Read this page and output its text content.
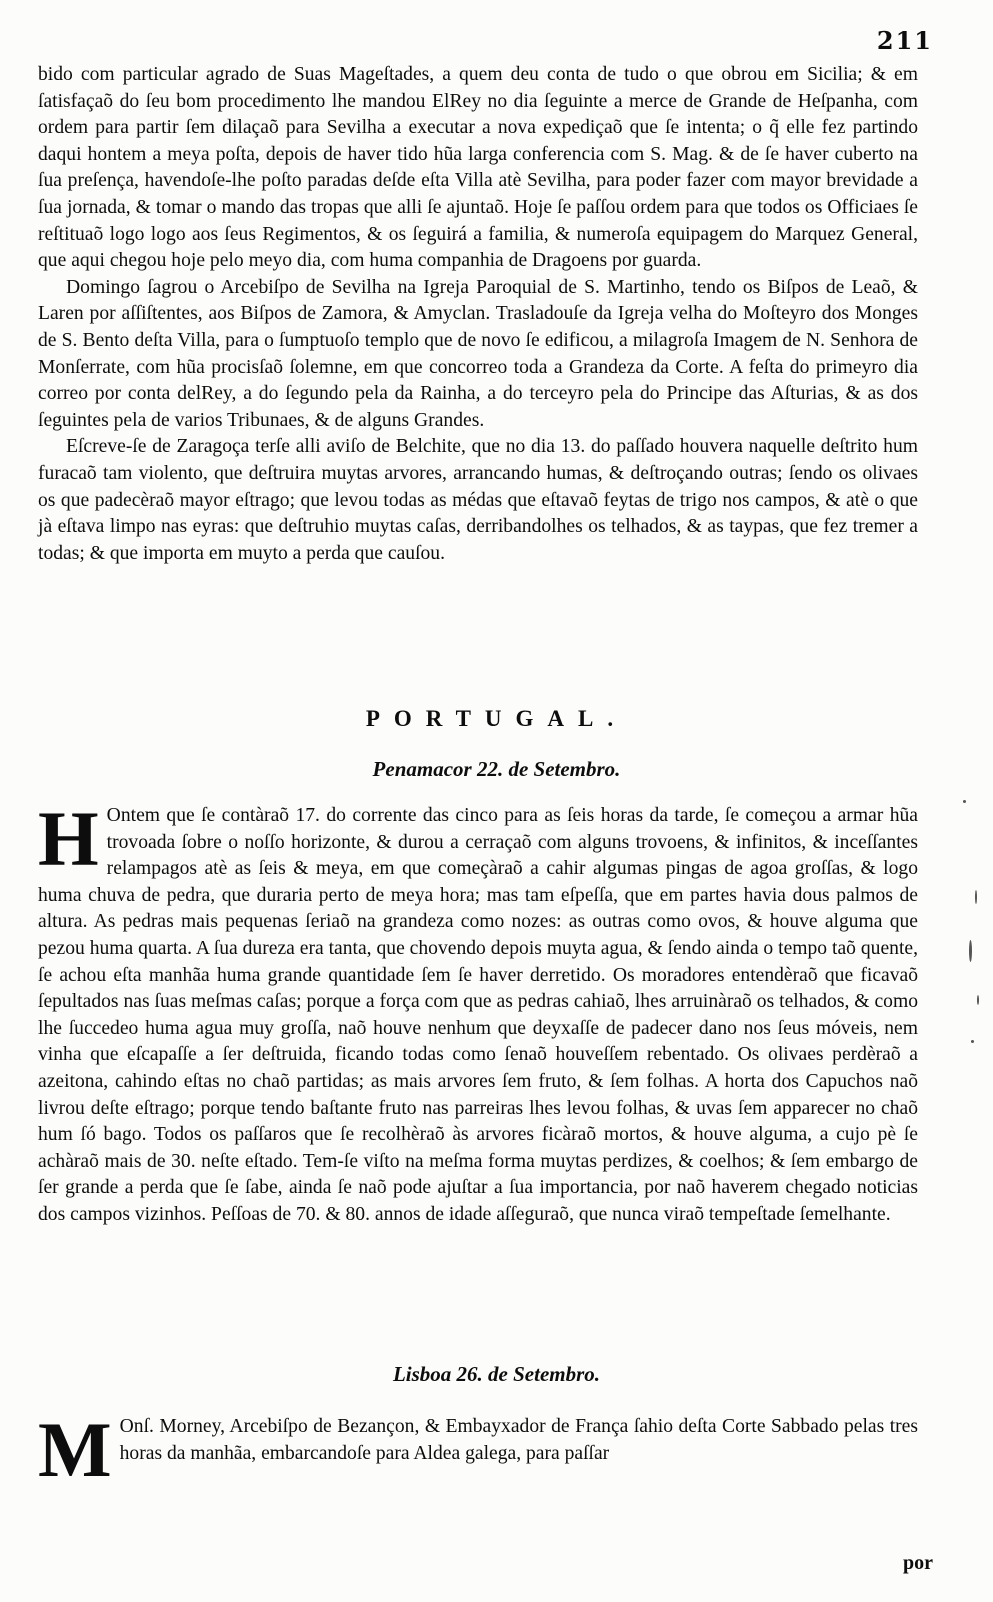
211

bido com particular agrado de Suas Mageſtades, a quem deu conta de tudo o que obrou em Sicilia; & em ſatisfaçaõ do ſeu bom procedimento lhe mandou ElRey no dia ſeguinte a merce de Grande de Heſpanha, com ordem para partir ſem dilaçaõ para Sevilha a executar a nova expediçaõ que ſe intenta; o q̃ elle fez partindo daqui hontem a meya poſta, depois de haver tido hũa larga conferencia com S. Mag. & de ſe haver cuberto na ſua preſença, havendoſe-lhe poſto paradas deſde eſta Villa atè Sevilha, para poder fazer com mayor brevidade a ſua jornada, & tomar o mando das tropas que alli ſe ajuntaõ. Hoje ſe paſſou ordem para que todos os Officiaes ſe reſtituaõ logo logo aos ſeus Regimentos, & os ſeguirá a familia, & numeroſa equipagem do Marquez General, que aqui chegou hoje pelo meyo dia, com huma companhia de Dragoens por guarda.

Domingo ſagrou o Arcebiſpo de Sevilha na Igreja Paroquial de S. Martinho, tendo os Biſpos de Leaõ, & Laren por aſſiſtentes, aos Biſpos de Zamora, & Amyclan. Trasladouſe da Igreja velha do Moſteyro dos Monges de S. Bento deſta Villa, para o ſumptuoſo templo que de novo ſe edificou, a milagroſa Imagem de N. Senhora de Monſerrate, com hũa procisſaõ ſolemne, em que concorreo toda a Grandeza da Corte. A feſta do primeyro dia correo por conta delRey, a do ſegundo pela da Rainha, a do terceyro pela do Principe das Aſturias, & as dos ſeguintes pela de varios Tribunaes, & de alguns Grandes.

Eſcreve-ſe de Zaragoça terſe alli aviſo de Belchite, que no dia 13. do paſſado houvera naquelle deſtrito hum furacaõ tam violento, que deſtruira muytas arvores, arrancando humas, & deſtroçando outras; ſendo os olivaes os que padecèraõ mayor eſtrago; que levou todas as médas que eſtavaõ feytas de trigo nos campos, & atè o que jà eſtava limpo nas eyras: que deſtruhio muytas caſas, derribandolhes os telhados, & as taypas, que fez tremer a todas; & que importa em muyto a perda que cauſou.

PORTUGAL.
Penamacor 22. de Setembro.
H Ontem que ſe contàraõ 17. do corrente das cinco para as ſeis horas da tarde, ſe começou a armar hũa trovoada ſobre o noſſo horizonte, & durou a cerraçaõ com alguns trovoens, & infinitos, & inceſſantes relampagos atè as ſeis & meya, em que começàraõ a cahir algumas pingas de agoa groſſas, & logo huma chuva de pedra, que duraria perto de meya hora; mas tam eſpeſſa, que em partes havia dous palmos de altura. As pedras mais pequenas ſeriaõ na grandeza como nozes: as outras como ovos, & houve alguma que pezou huma quarta. A ſua dureza era tanta, que chovendo depois muyta agua, & ſendo ainda o tempo taõ quente, ſe achou eſta manhãa huma grande quantidade ſem ſe haver derretido. Os moradores entendèraõ que ficavaõ ſepultados nas ſuas meſmas caſas; porque a força com que as pedras cahiaõ, lhes arruinàraõ os telhados, & como lhe ſuccedeo huma agua muy groſſa, naõ houve nenhum que deyxaſſe de padecer dano nos ſeus móveis, nem vinha que eſcapaſſe a ſer deſtruida, ficando todas como ſenaõ houveſſem rebentado. Os olivaes perdèraõ a azeitona, cahindo eſtas no chaõ partidas; as mais arvores ſem fruto, & ſem folhas. A horta dos Capuchos naõ livrou deſte eſtrago; porque tendo baſtante fruto nas parreiras lhes levou folhas, & uvas ſem apparecer no chaõ hum ſó bago. Todos os paſſaros que ſe recolhèraõ às arvores ficàraõ mortos, & houve alguma, a cujo pè ſe achàraõ mais de 30. neſte eſtado. Tem-ſe viſto na meſma forma muytas perdizes, & coelhos; & ſem embargo de ſer grande a perda que ſe ſabe, ainda ſe naõ pode ajuſtar a ſua importancia, por naõ haverem chegado noticias dos campos vizinhos. Peſſoas de 70. & 80. annos de idade aſſeguraõ, que nunca viraõ tempeſtade ſemelhante.
Lisboa 26. de Setembro.
M Onſ. Morney, Arcebiſpo de Bezançon, & Embayxador de França ſahio deſta Corte Sabbado pelas tres horas da manhãa, embarcandoſe para Aldea galega, para paſſar
por
